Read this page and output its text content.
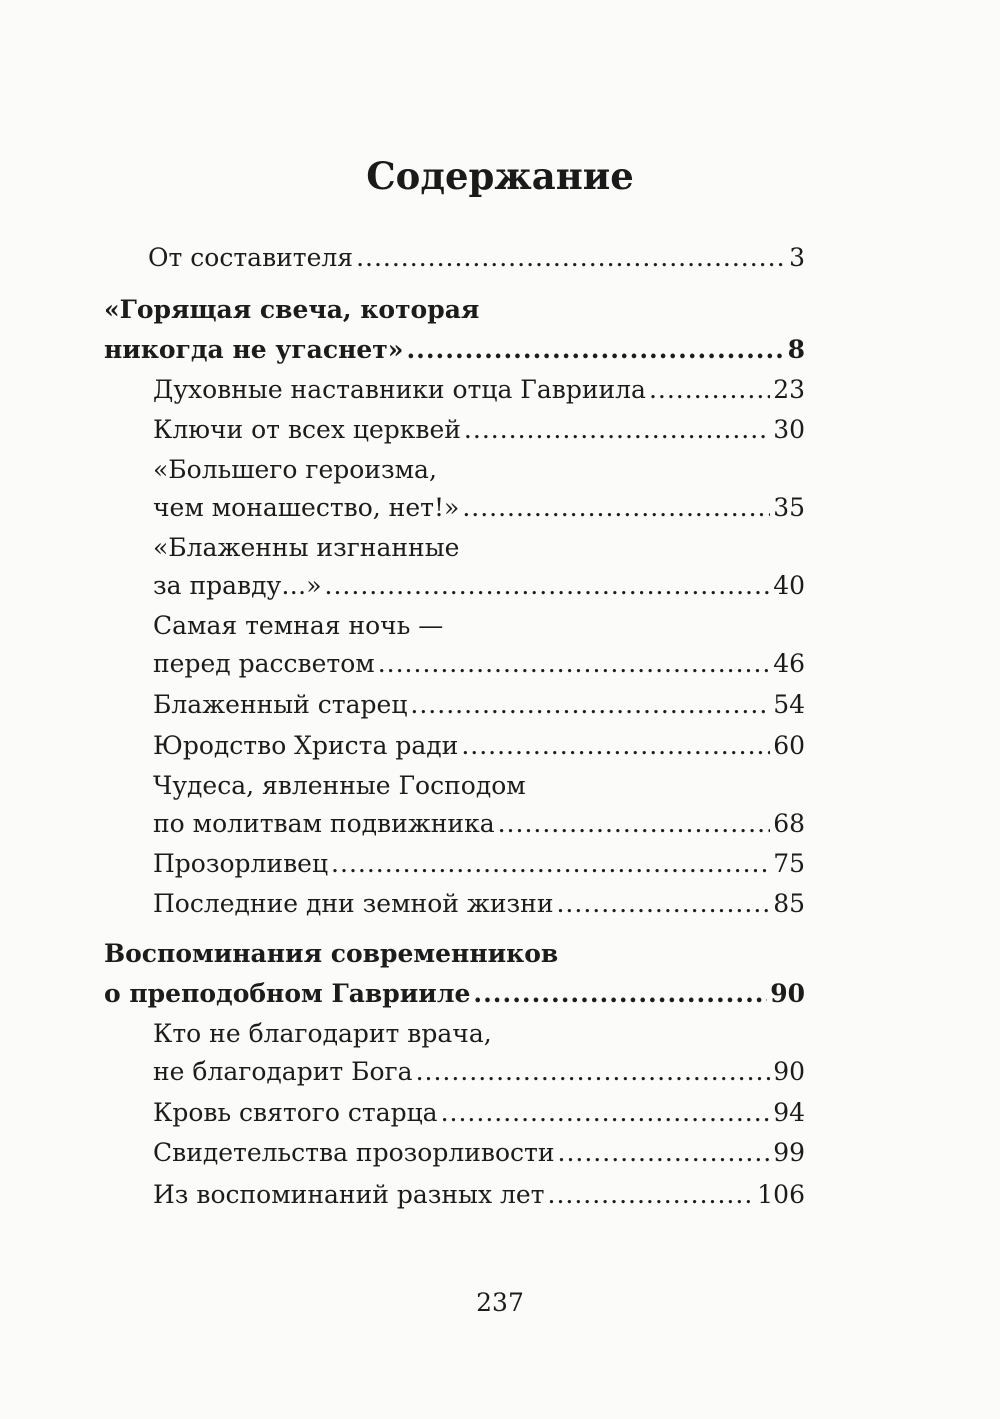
Содержание
От составителя .....	3
«Горящая свеча, которая
никогда не угаснет» .....	8
Духовные наставники отца Гавриила .....	23
Ключи от всех церквей .....	30
«Большего героизма,
чем монашество, нет!» .....	35
«Блаженны изгнанные
за правду…» .....	40
Самая темная ночь —
перед рассветом .....	46
Блаженный старец .....	54
Юродство Христа ради .....	60
Чудеса, явленные Господом
по молитвам подвижника .....	68
Прозорливец .....	75
Последние дни земной жизни .....	85
Воспоминания современников
о преподобном Гаврииле .....	90
Кто не благодарит врача,
не благодарит Бога .....	90
Кровь святого старца .....	94
Свидетельства прозорливости .....	99
Из воспоминаний разных лет .....	106
237
